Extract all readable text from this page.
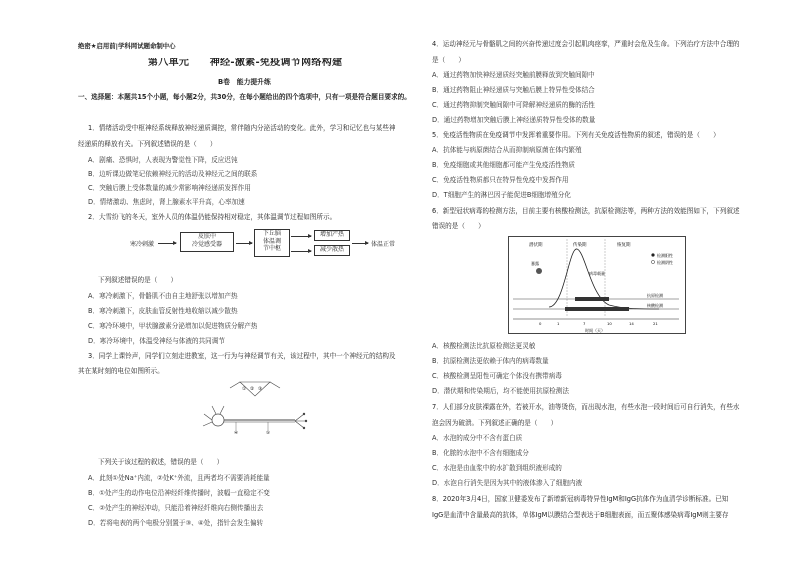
绝密★启用前|学科网试题命制中心
第八单元　　神经-激素-免疫调节网络构建
B卷　能力提升练
一、选择题：本题共15个小题，每小题2分，共30分，在每小题给出的四个选项中，只有一项是符合题目要求的。
1．情绪活动受中枢神经系统释放神经递质调控，常伴随内分泌活动的变化。此外，学习和记忆也与某些神
经递质的释放有关。下列叙述错误的是（　　）
A．剧痛、恐惧时，人表现为警觉性下降，反应迟钝
B．边听课边做笔记依赖神经元的活动及神经元之间的联系
C．突触后膜上受体数量的减少常影响神经递质发挥作用
D．情绪激动、焦虑时，肾上腺素水平升高，心率加速
2．大雪纷飞的冬天，室外人员的体温仍能保持相对稳定，其体温调节过程如图所示。
寒冷刺激
皮肤中
冷觉感受器
下丘脑
体温调
节中枢
增加产热
减少散热
体温正常
下列叙述错误的是（　　）
A．寒冷刺激下，骨骼肌不由自主地舒张以增加产热
B．寒冷刺激下，皮肤血管反射性地收缩以减少散热
C．寒冷环境中，甲状腺激素分泌增加以促进物质分解产热
D．寒冷环境中，体温受神经与体液的共同调节
3．同学上课铃声，同学们立刻走进教室，这一行为与神经调节有关，该过程中，其中一个神经元的结构及
其在某时刻的电位如图所示。
① ② ③
④	⑤
下列关于该过程的叙述，错误的是（　　）
A．此刻①处Na⁺内流，②处K⁺外流，且两者均不需要消耗能量
B．①处产生的动作电位沿神经纤维传播时，波幅一直稳定不变
C．②处产生的神经冲动，只能沿着神经纤维向右侧传播出去
D．若将电表的两个电极分别置于③、④处，指针会发生偏转
4．运动神经元与骨骼肌之间的兴奋传递过度会引起肌肉痉挛，严重时会危及生命。下列治疗方法中合理的
是（　　）
A．通过药物加快神经递质经突触前膜释放到突触间隙中
B．通过药物阻止神经递质与突触后膜上特异性受体结合
C．通过药物抑制突触间隙中可降解神经递质的酶的活性
D．通过药物增加突触后膜上神经递质特异性受体的数量
5．免疫活性物质在免疫调节中发挥着重要作用。下列有关免疫活性物质的叙述，错误的是（　　）
A．抗体能与病原菌结合从而抑制病原菌在体内繁殖
B．免疫细胞或其他细胞都可能产生免疫活性物质
C．免疫活性物质都只在特异性免疫中发挥作用
D．T细胞产生的淋巴因子能促进B细胞增殖分化
6．新型冠状病毒的检测方法，目前主要有核酸检测法，抗原检测法等，两种方法的效能图如下，下列叙述
错误的是（　　）
潜伏期	传染期	恢复期
检测阳性
检测阴性
暴露
病毒载量
抗原检测
核酸检测
0	1	7	10	14	21
时间（天）
A．核酸检测法比抗原检测法更灵敏
B．抗原检测法更依赖于体内的病毒数量
C．核酸检测呈阳性可确定个体没有携带病毒
D．潜伏期和传染期后，均不能使用抗原检测法
7．人们部分皮肤裸露在外，若被开水，油等烫伤，而出现水泡，有些水泡一段时间后可自行消失，有些水
泡会因为破溃。下列叙述正确的是（　　）
A．水泡的成分中不含有蛋白质
B．化脓的水泡中不含有细胞成分
C．水泡是由血浆中的水扩散到组织液形成的
D．水泡自行消失是因为其中的液体渗入了细胞内液
8．2020年3月4日，国家卫健委发布了新增新冠病毒特异性IgM和IgG抗体作为血清学诊断标准。已知
IgG是血清中含量最高的抗体，单体IgM以膜结合型表达于B细胞表面，而五聚体感染病毒IgM则主要存
